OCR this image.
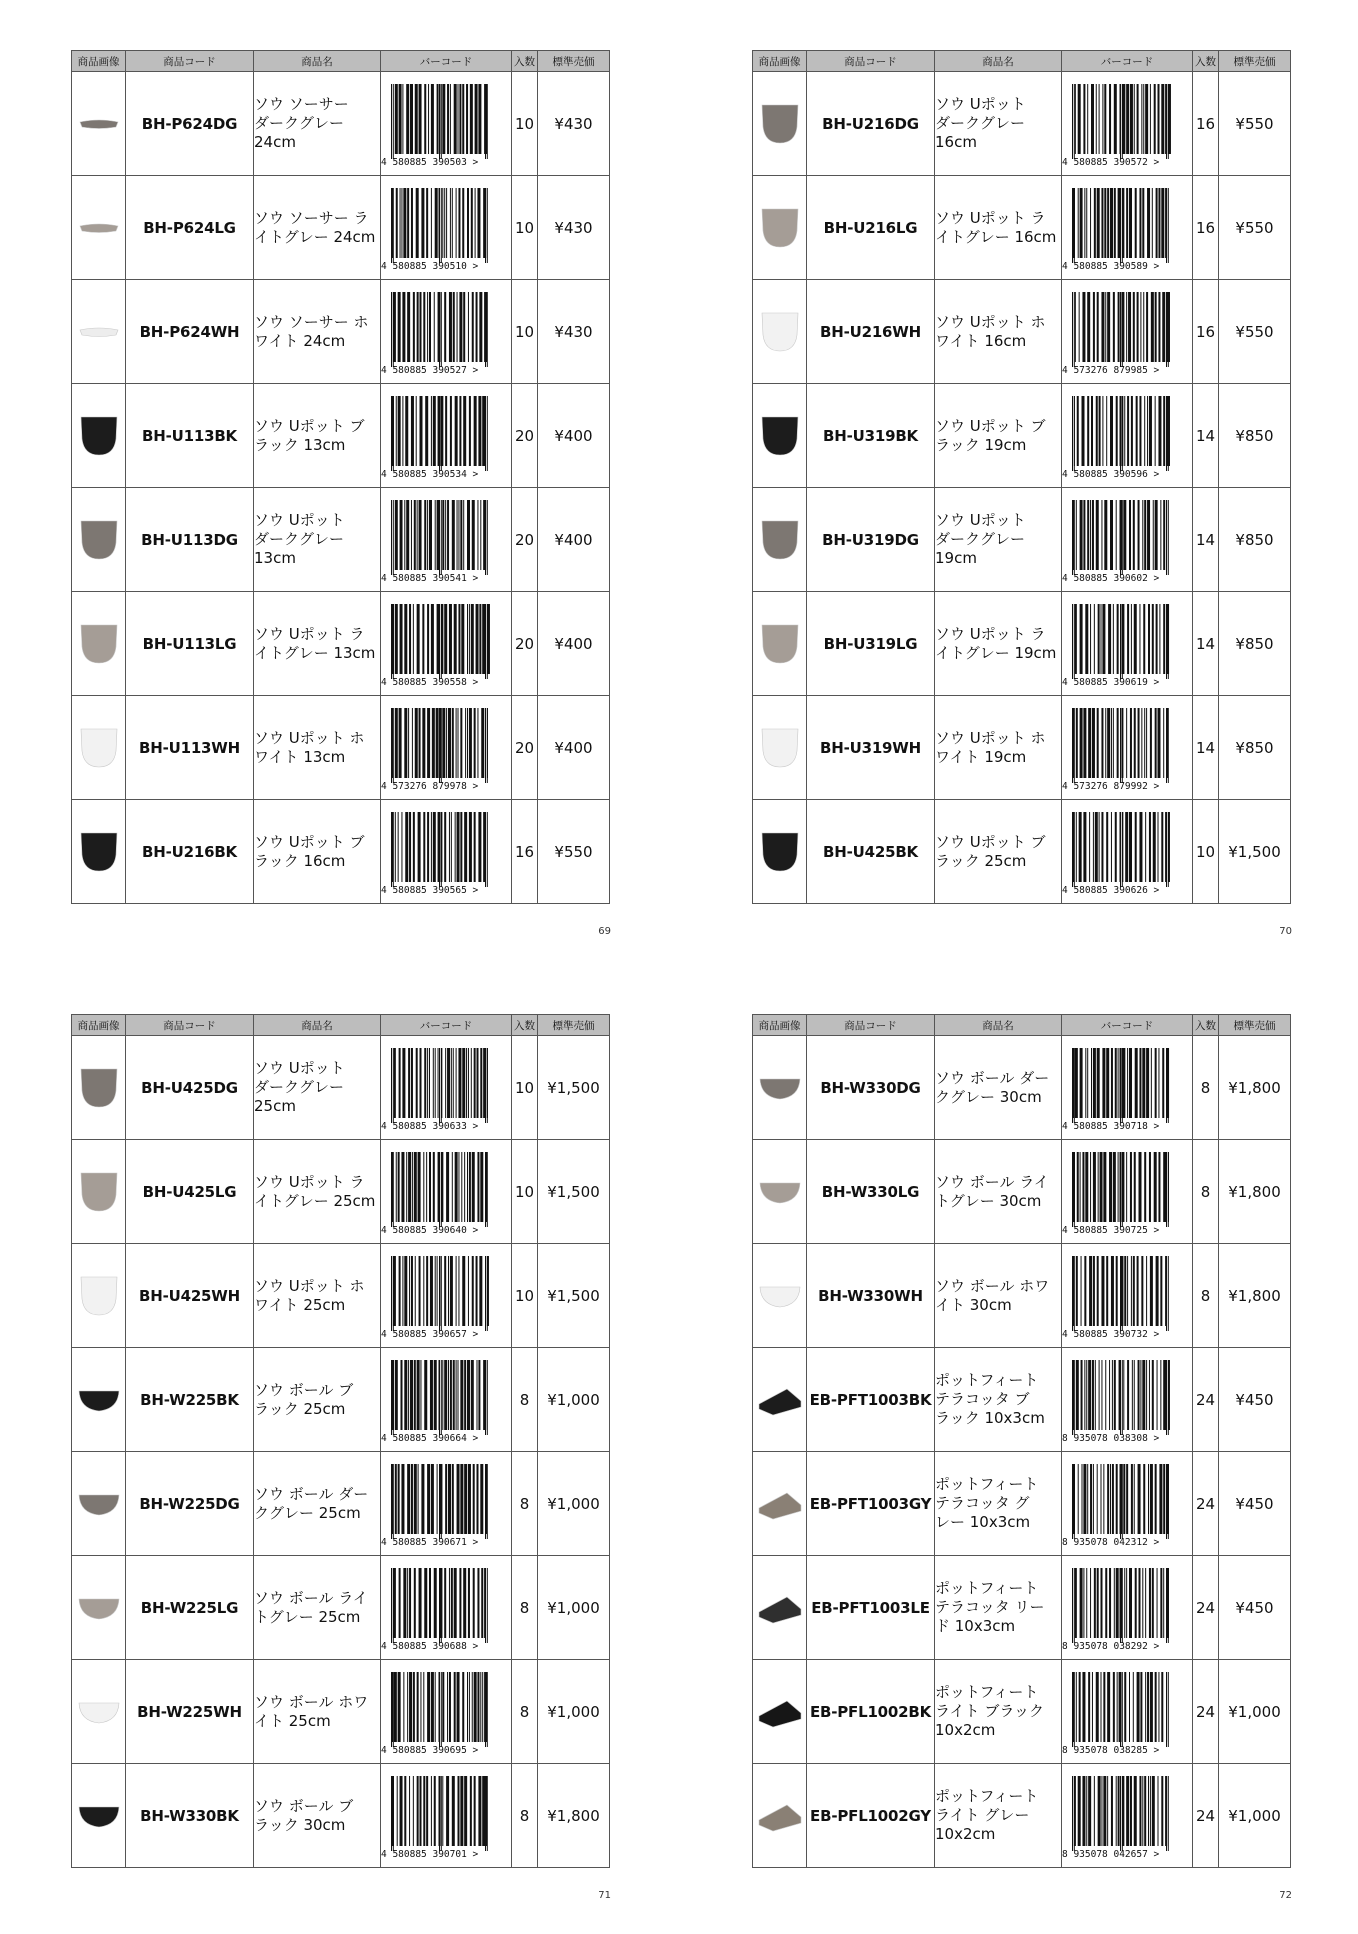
商品画像	商品コード	商品名	バーコード	入数	標準売価
	BH-P624DG	ソウ ソーサー
ダークグレー
24cm	4 580885 390503 >	10	¥430
	BH-P624LG	ソウ ソーサー ラ
イトグレー 24cm	4 580885 390510 >	10	¥430
	BH-P624WH	ソウ ソーサー ホ
ワイト 24cm	4 580885 390527 >	10	¥430
	BH-U113BK	ソウ Uポット ブ
ラック 13cm	4 580885 390534 >	20	¥400
	BH-U113DG	ソウ Uポット
ダークグレー
13cm	4 580885 390541 >	20	¥400
	BH-U113LG	ソウ Uポット ラ
イトグレー 13cm	4 580885 390558 >	20	¥400
	BH-U113WH	ソウ Uポット ホ
ワイト 13cm	4 573276 879978 >	20	¥400
	BH-U216BK	ソウ Uポット ブ
ラック 16cm	4 580885 390565 >	16	¥550
69
商品画像	商品コード	商品名	バーコード	入数	標準売価
	BH-U216DG	ソウ Uポット
ダークグレー
16cm	4 580885 390572 >	16	¥550
	BH-U216LG	ソウ Uポット ラ
イトグレー 16cm	4 580885 390589 >	16	¥550
	BH-U216WH	ソウ Uポット ホ
ワイト 16cm	4 573276 879985 >	16	¥550
	BH-U319BK	ソウ Uポット ブ
ラック 19cm	4 580885 390596 >	14	¥850
	BH-U319DG	ソウ Uポット
ダークグレー
19cm	4 580885 390602 >	14	¥850
	BH-U319LG	ソウ Uポット ラ
イトグレー 19cm	4 580885 390619 >	14	¥850
	BH-U319WH	ソウ Uポット ホ
ワイト 19cm	4 573276 879992 >	14	¥850
	BH-U425BK	ソウ Uポット ブ
ラック 25cm	4 580885 390626 >	10	¥1,500
70
商品画像	商品コード	商品名	バーコード	入数	標準売価
	BH-U425DG	ソウ Uポット
ダークグレー
25cm	4 580885 390633 >	10	¥1,500
	BH-U425LG	ソウ Uポット ラ
イトグレー 25cm	4 580885 390640 >	10	¥1,500
	BH-U425WH	ソウ Uポット ホ
ワイト 25cm	4 580885 390657 >	10	¥1,500
	BH-W225BK	ソウ ボール ブ
ラック 25cm	4 580885 390664 >	8	¥1,000
	BH-W225DG	ソウ ボール ダー
クグレー 25cm	4 580885 390671 >	8	¥1,000
	BH-W225LG	ソウ ボール ライ
トグレー 25cm	4 580885 390688 >	8	¥1,000
	BH-W225WH	ソウ ボール ホワ
イト 25cm	4 580885 390695 >	8	¥1,000
	BH-W330BK	ソウ ボール ブ
ラック 30cm	4 580885 390701 >	8	¥1,800
71
商品画像	商品コード	商品名	バーコード	入数	標準売価
	BH-W330DG	ソウ ボール ダー
クグレー 30cm	4 580885 390718 >	8	¥1,800
	BH-W330LG	ソウ ボール ライ
トグレー 30cm	4 580885 390725 >	8	¥1,800
	BH-W330WH	ソウ ボール ホワ
イト 30cm	4 580885 390732 >	8	¥1,800
	EB-PFT1003BK	ポットフィート
テラコッタ ブ
ラック 10x3cm	8 935078 038308 >	24	¥450
	EB-PFT1003GY	ポットフィート
テラコッタ グ
レー 10x3cm	8 935078 042312 >	24	¥450
	EB-PFT1003LE	ポットフィート
テラコッタ リー
ド 10x3cm	8 935078 038292 >	24	¥450
	EB-PFL1002BK	ポットフィート
ライト ブラック
10x2cm	8 935078 038285 >	24	¥1,000
	EB-PFL1002GY	ポットフィート
ライト グレー
10x2cm	8 935078 042657 >	24	¥1,000
72
